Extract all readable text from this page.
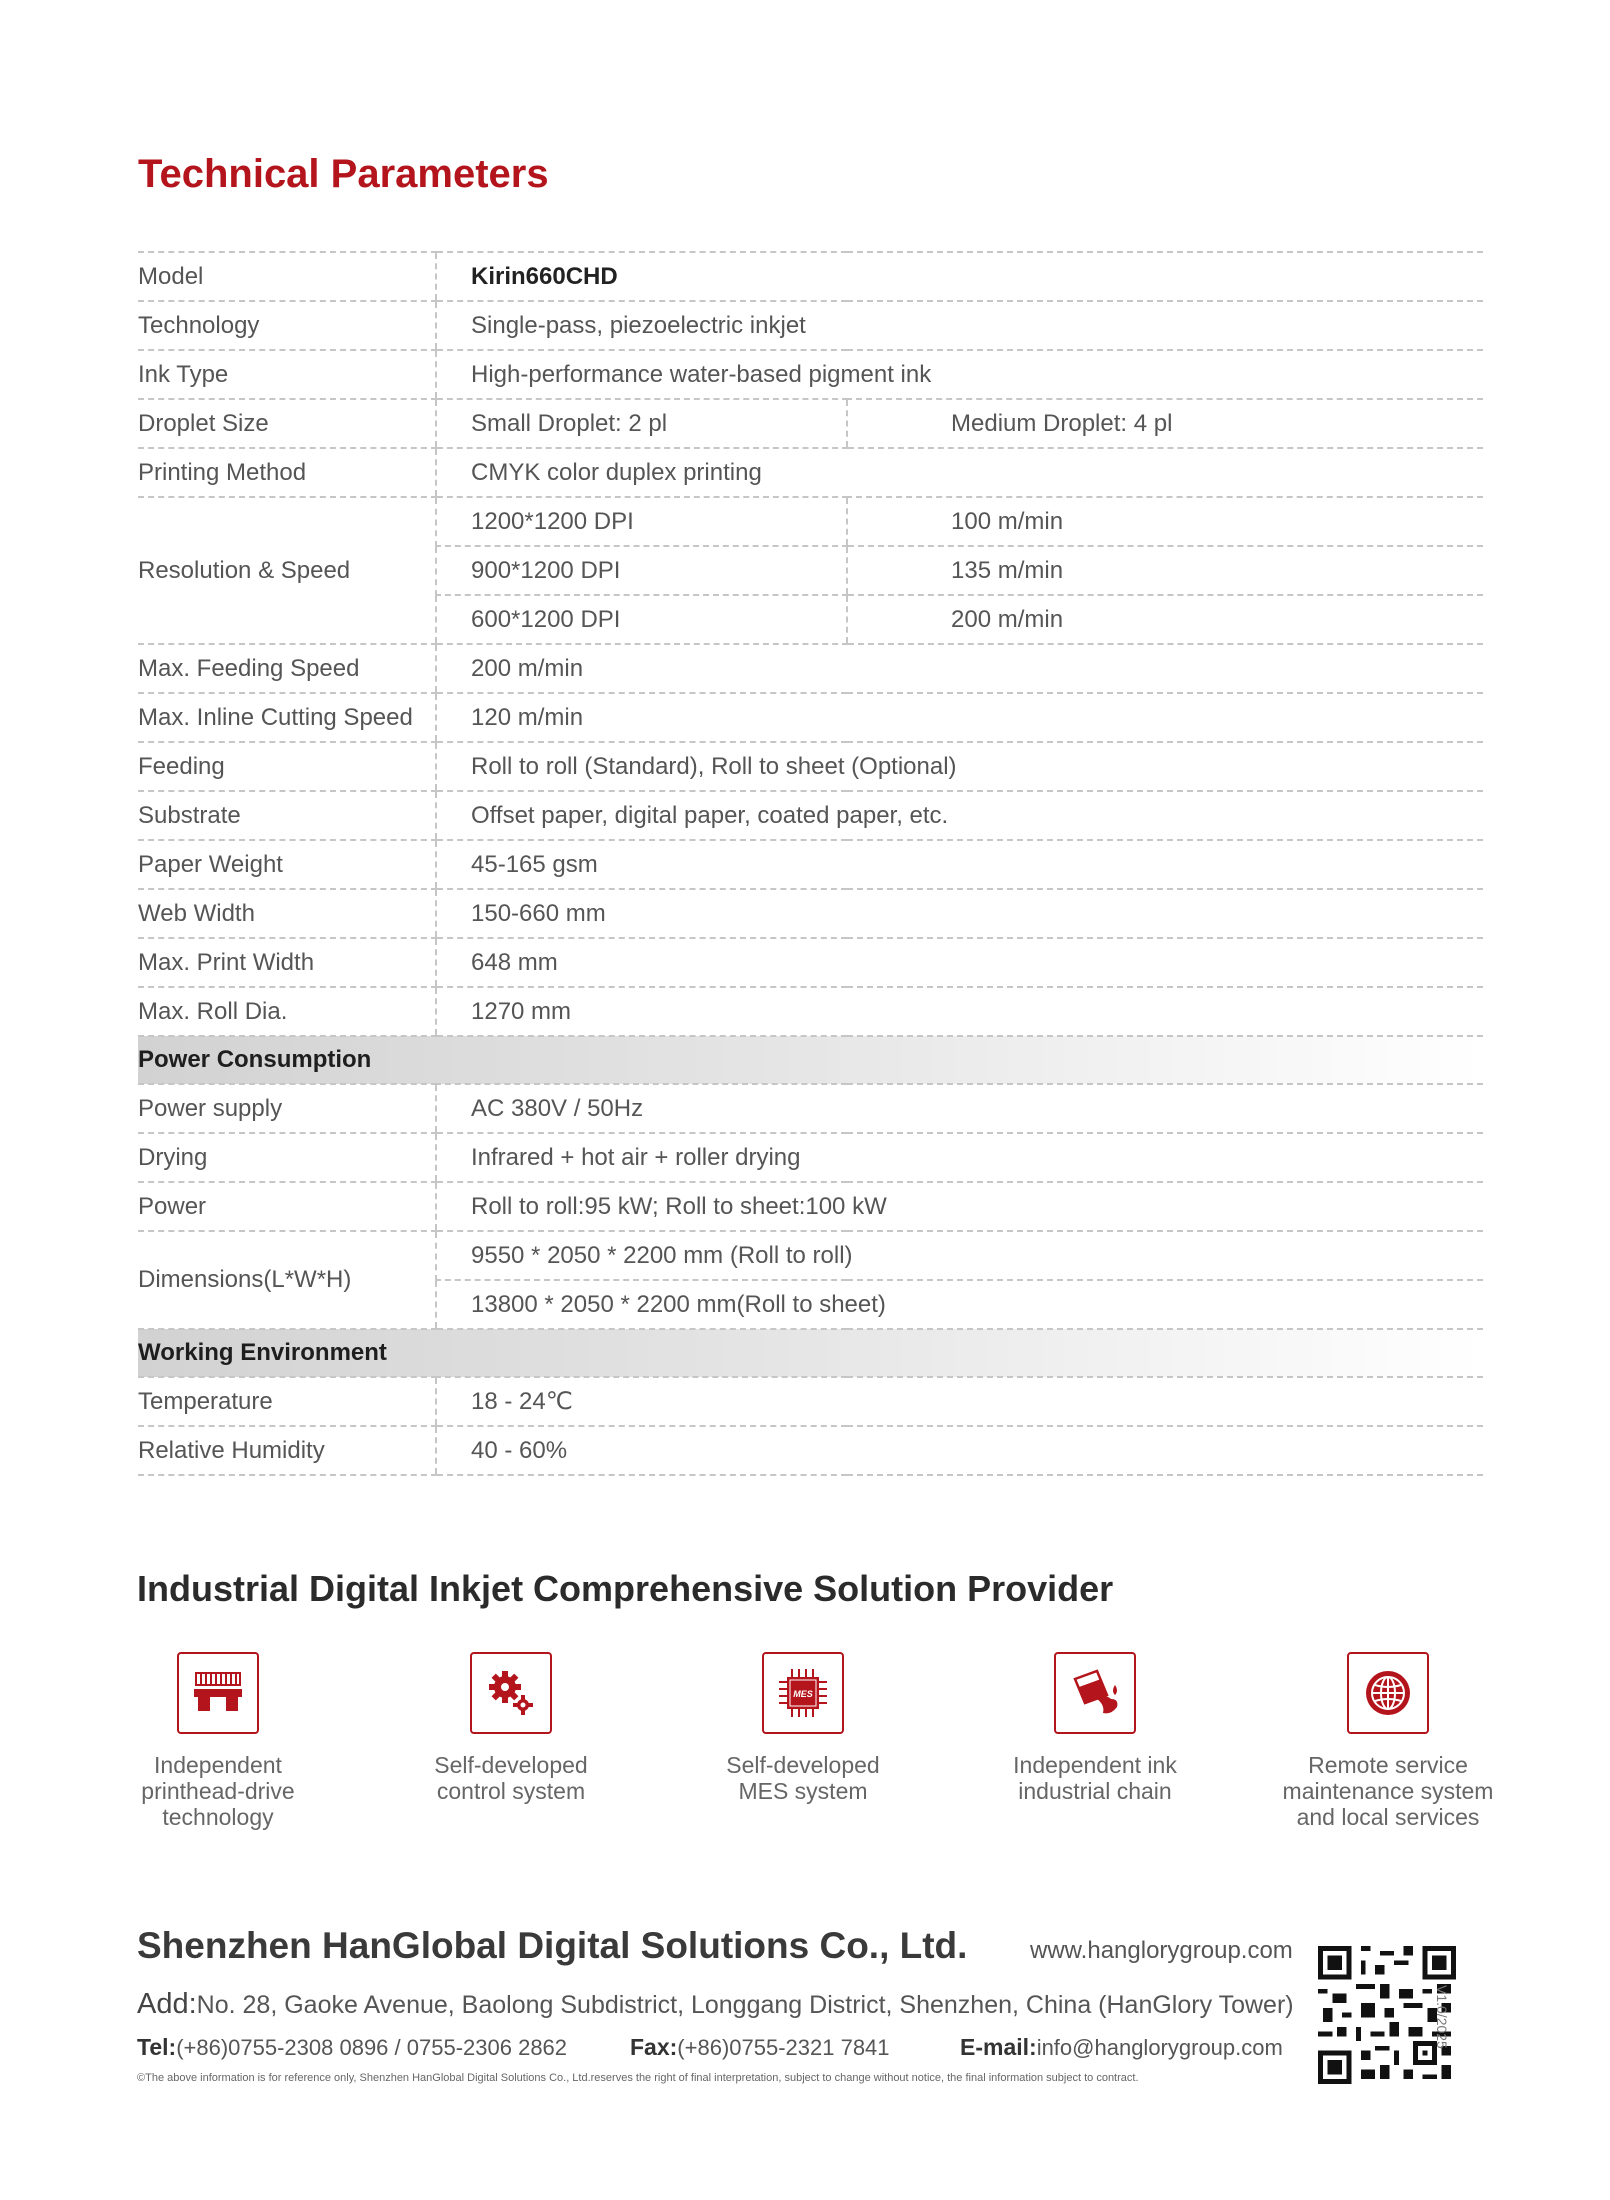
Technical Parameters
Model	Kirin660CHD	
Technology	Single-pass, piezoelectric inkjet	
Ink Type	High-performance water-based pigment ink	
Droplet Size	Small Droplet: 2 pl	Medium Droplet: 4 pl
Printing Method	CMYK color duplex printing	
Resolution & Speed	1200*1200 DPI	100 m/min
	900*1200 DPI	135 m/min
	600*1200 DPI	200 m/min
Max. Feeding Speed	200 m/min	
Max. Inline Cutting Speed	120 m/min	
Feeding	Roll to roll (Standard), Roll to sheet (Optional)	
Substrate	Offset paper, digital paper, coated paper, etc.	
Paper Weight	45-165 gsm	
Web Width	150-660 mm	
Max. Print Width	648 mm	
Max. Roll Dia.	1270 mm	
Power Consumption		
Power supply	AC 380V / 50Hz	
Drying	Infrared + hot air + roller drying	
Power	Roll to roll:95 kW; Roll to sheet:100 kW	
Dimensions(L*W*H)	9550 * 2050 * 2200 mm (Roll to roll)	
	13800 * 2050 * 2200 mm(Roll to sheet)	
Working Environment		
Temperature	18 - 24℃	
Relative Humidity	40 - 60%	
Industrial Digital Inkjet Comprehensive Solution Provider
Independent
printhead-drive
technology
Self-developed
control system
MES
Self-developed
MES system
Independent ink
industrial chain
Remote service
maintenance system
and local services
Shenzhen HanGlobal Digital Solutions Co., Ltd.	www.hanglorygroup.com
Add:No. 28, Gaoke Avenue, Baolong Subdistrict, Longgang District, Shenzhen, China (HanGlory Tower)
Tel:(+86)0755-2308 0896 / 0755-2306 2862	Fax:(+86)0755-2321 7841	E-mail:info@hanglorygroup.com
©The above information is for reference only, Shenzhen HanGlobal Digital Solutions Co., Ltd.reserves the right of final interpretation, subject to change without notice, the final information subject to contract.
V1.0/2025
